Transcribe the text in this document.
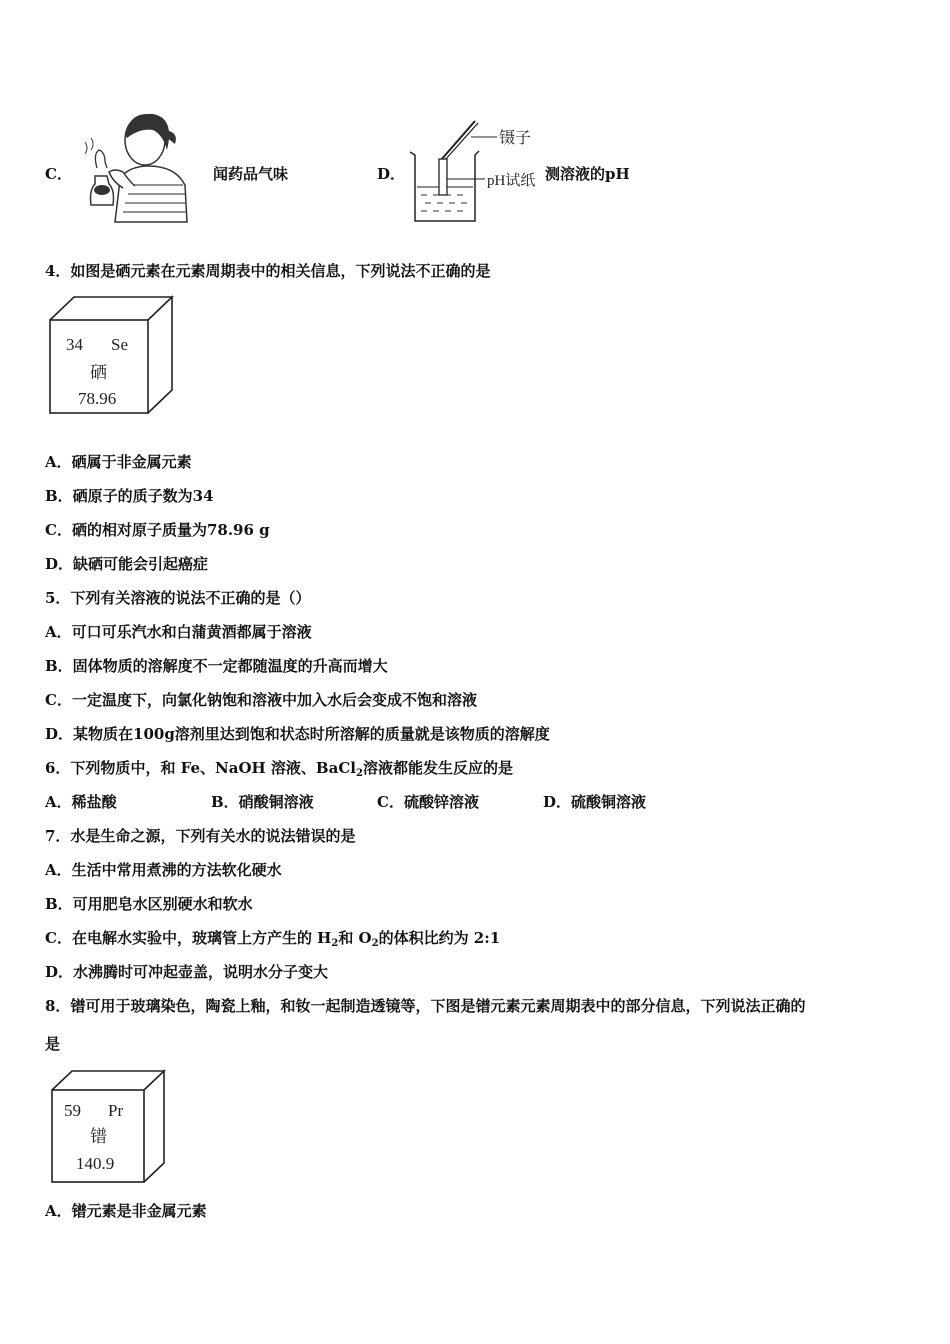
C．	闻药品气味	D．
镊子
pH试纸 测溶液的pH
4．如图是硒元素在元素周期表中的相关信息，下列说法不正确的是
34 Se
硒
78.96
A．硒属于非金属元素
B．硒原子的质子数为34
C．硒的相对原子质量为78.96 g
D．缺硒可能会引起癌症
5．下列有关溶液的说法不正确的是（）
A．可口可乐汽水和白蒲黄酒都属于溶液
B．固体物质的溶解度不一定都随温度的升高而增大
C．一定温度下，向氯化钠饱和溶液中加入水后会变成不饱和溶液
D．某物质在100g溶剂里达到饱和状态时所溶解的质量就是该物质的溶解度
6．下列物质中，和 Fe、NaOH 溶液、BaCl$_2$溶液都能发生反应的是
A．稀盐酸	B．硝酸铜溶液	C．硫酸锌溶液	D．硫酸铜溶液
7．水是生命之源，下列有关水的说法错误的是
A．生活中常用煮沸的方法软化硬水
B．可用肥皂水区别硬水和软水
C．在电解水实验中，玻璃管上方产生的 $H_2$和 $O_2$的体积比约为 2:1
D．水沸腾时可冲起壶盖，说明水分子变大
8．镨可用于玻璃染色，陶瓷上釉，和钕一起制造透镜等，下图是镨元素元素周期表中的部分信息，下列说法正确的
是
59 Pr
镨
140.9
A．镨元素是非金属元素
